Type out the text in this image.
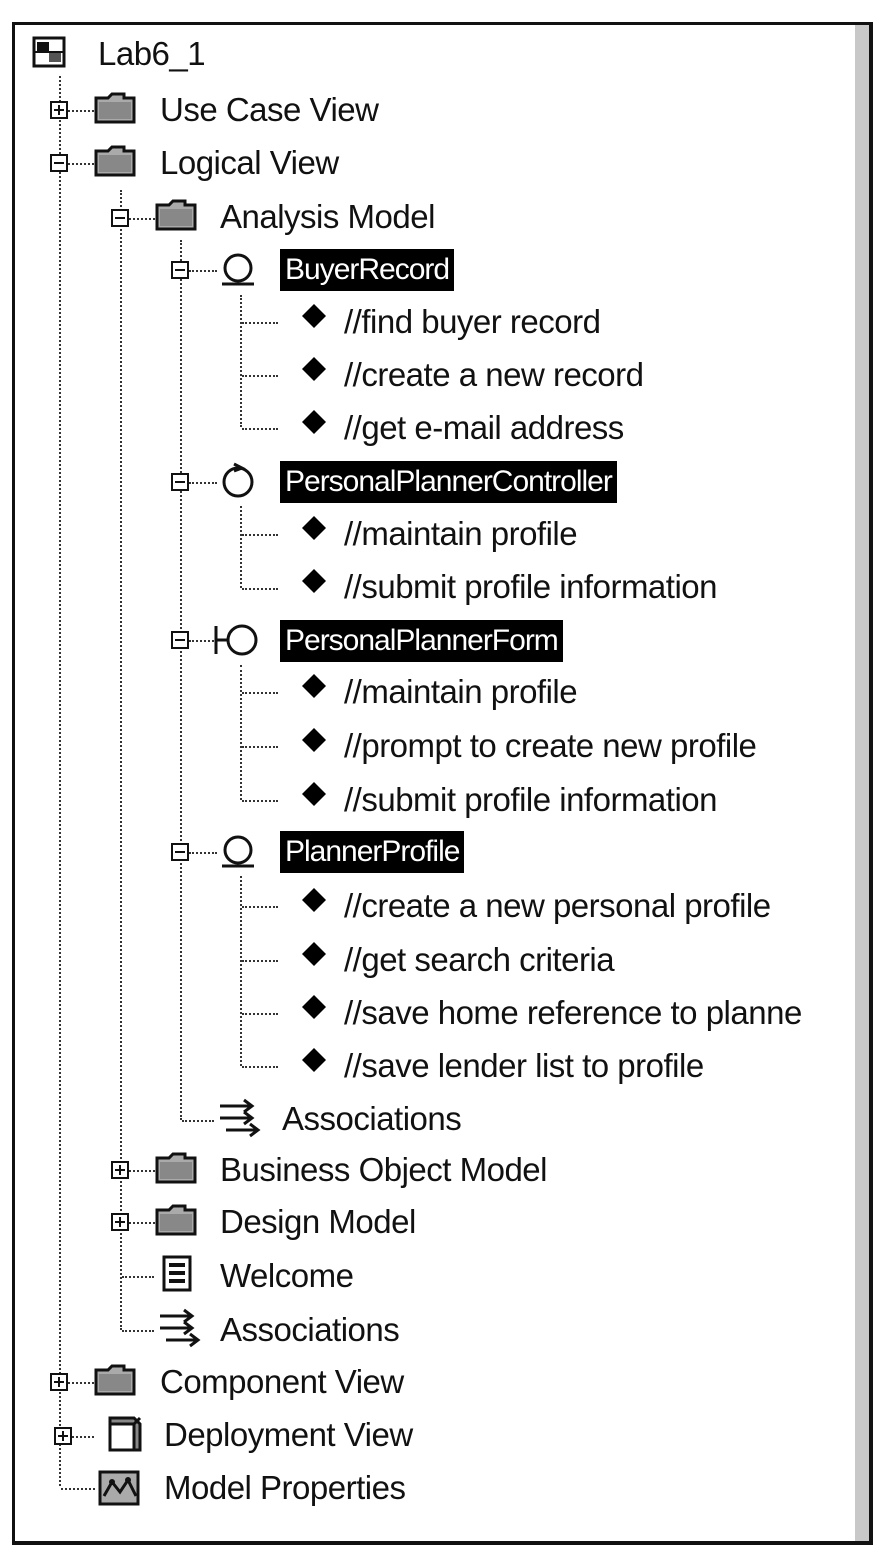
Lab6_1
Use Case View
Logical View
Analysis Model
BuyerRecord
//find buyer record
//create a new record
//get e-mail address
PersonalPlannerController
//maintain profile
//submit profile information
PersonalPlannerForm
//maintain profile
//prompt to create new profile
//submit profile information
PlannerProfile
//create a new personal profile
//get search criteria
//save home reference to planne
//save lender list to profile
Associations
Business Object Model
Design Model
Welcome
Associations
Component View
Deployment View
Model Properties
